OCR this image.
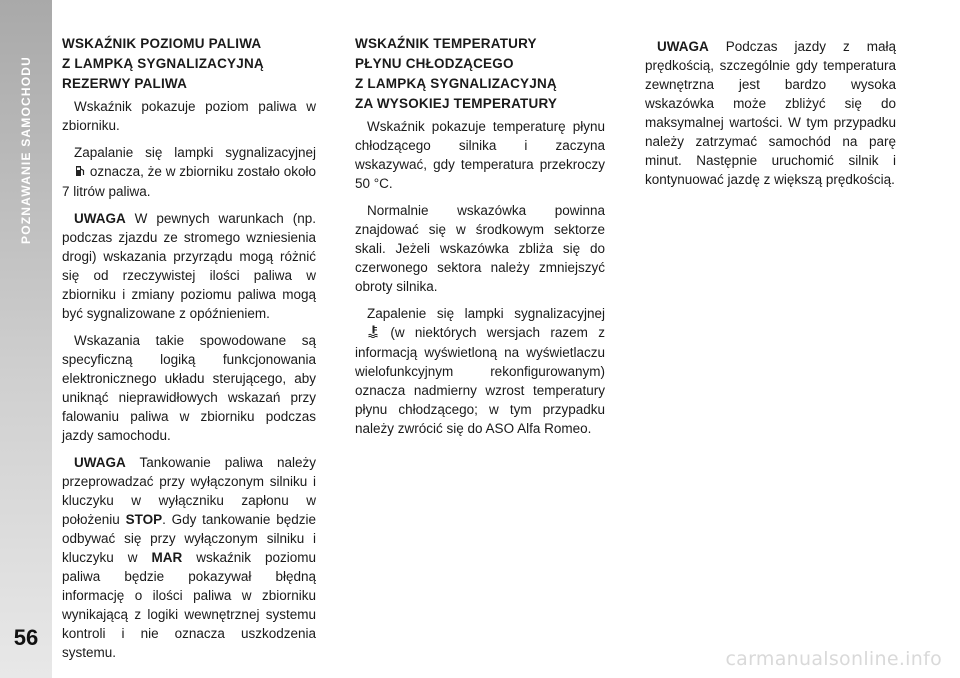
POZNAWANIE SAMOCHODU
56
WSKAŹNIK POZIOMU PALIWA
Z LAMPKĄ SYGNALIZACYJNĄ
REZERWY PALIWA

Wskaźnik pokazuje poziom paliwa w zbiorniku.

Zapalanie się lampki sygnalizacyjnej  oznacza, że w zbiorniku zostało około 7 litrów paliwa.

UWAGA W pewnych warunkach (np. podczas zjazdu ze stromego wzniesienia drogi) wskazania przyrządu mogą różnić się od rzeczywistej ilości paliwa w zbiorniku i zmiany poziomu paliwa mogą być sygnalizowane z opóźnieniem.

Wskazania takie spowodowane są specyficzną logiką funkcjonowania elektronicznego układu sterującego, aby uniknąć nieprawidłowych wskazań przy falowaniu paliwa w zbiorniku podczas jazdy samochodu.

UWAGA Tankowanie paliwa należy przeprowadzać przy wyłączonym silniku i kluczyku w wyłączniku zapłonu w położeniu STOP. Gdy tankowanie będzie odbywać się przy wyłączonym silniku i kluczyku w MAR wskaźnik poziomu paliwa będzie pokazywał błędną informację o ilości paliwa w zbiorniku wynikającą z logiki wewnętrznej systemu kontroli i nie oznacza uszkodzenia systemu.

WSKAŹNIK TEMPERATURY
PŁYNU CHŁODZĄCEGO
Z LAMPKĄ SYGNALIZACYJNĄ
ZA WYSOKIEJ TEMPERATURY

Wskaźnik pokazuje temperaturę płynu chłodzącego silnika i zaczyna wskazywać, gdy temperatura przekroczy 50 °C.

Normalnie wskazówka powinna znajdować się w środkowym sektorze skali. Jeżeli wskazówka zbliża się do czerwonego sektora należy zmniejszyć obroty silnika.

Zapalenie się lampki sygnalizacyjnej  (w niektórych wersjach razem z informacją wyświetloną na wyświetlaczu wielofunkcyjnym rekonfigurowanym) oznacza nadmierny wzrost temperatury płynu chłodzącego; w tym przypadku należy zwrócić się do ASO Alfa Romeo.

UWAGA Podczas jazdy z małą prędkością, szczególnie gdy temperatura zewnętrzna jest bardzo wysoka wskazówka może zbliżyć się do maksymalnej wartości. W tym przypadku należy zatrzymać samochód na parę minut. Następnie uruchomić silnik i kontynuować jazdę z większą prędkością.

carmanualsonline.info
